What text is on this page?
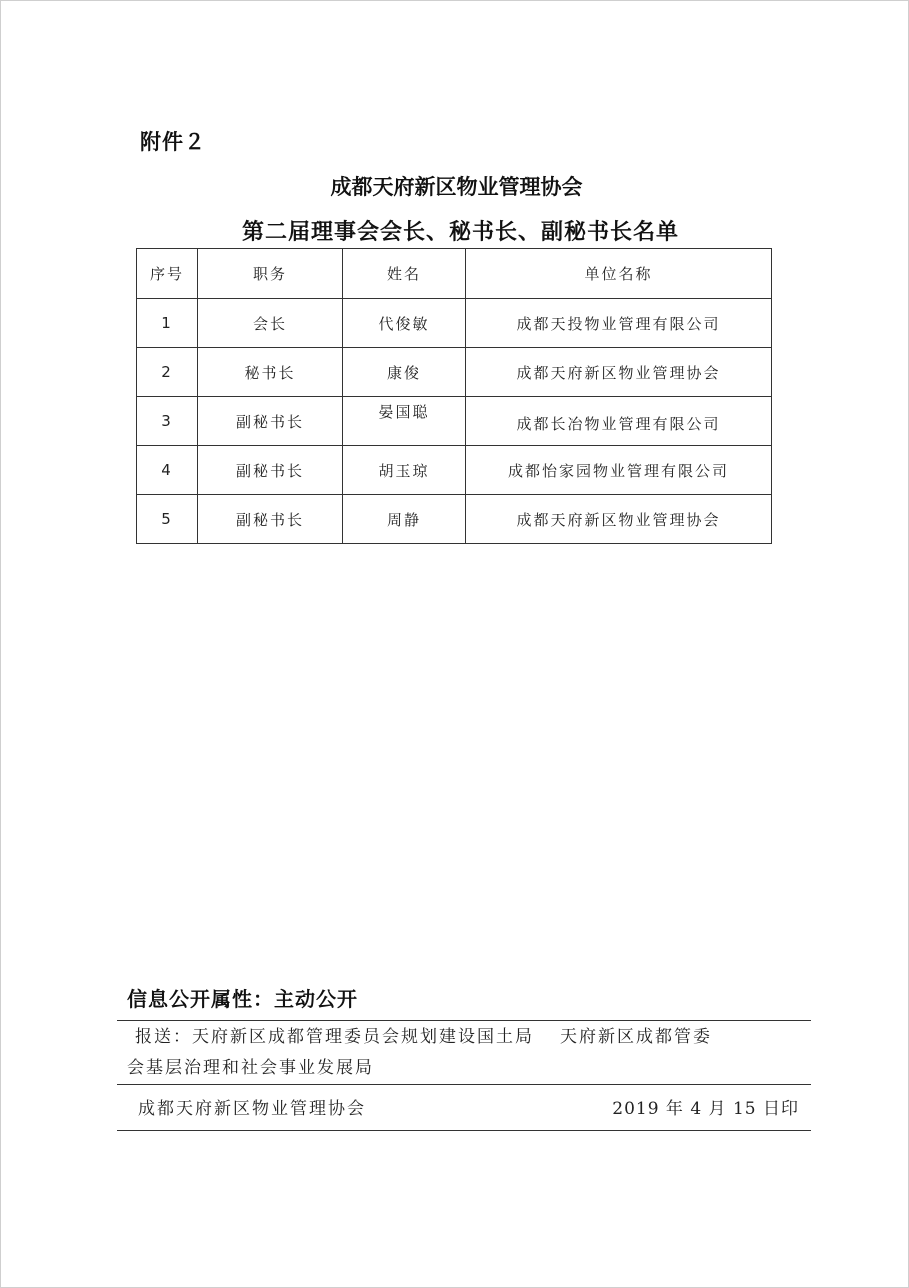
附件２
成都天府新区物业管理协会
第二届理事会会长、秘书长、副秘书长名单
序号	职务	姓名	单位名称
1	会长	代俊敏	成都天投物业管理有限公司
2	秘书长	康俊	成都天府新区物业管理协会
3	副秘书长	晏国聪	成都长冶物业管理有限公司
4	副秘书长	胡玉琼	成都怡家园物业管理有限公司
5	副秘书长	周静	成都天府新区物业管理协会
信息公开属性：主动公开
报送：天府新区成都管理委员会规划建设国土局 天府新区成都管委
会基层治理和社会事业发展局
成都天府新区物业管理协会	2019 年 4 月 15 日印
